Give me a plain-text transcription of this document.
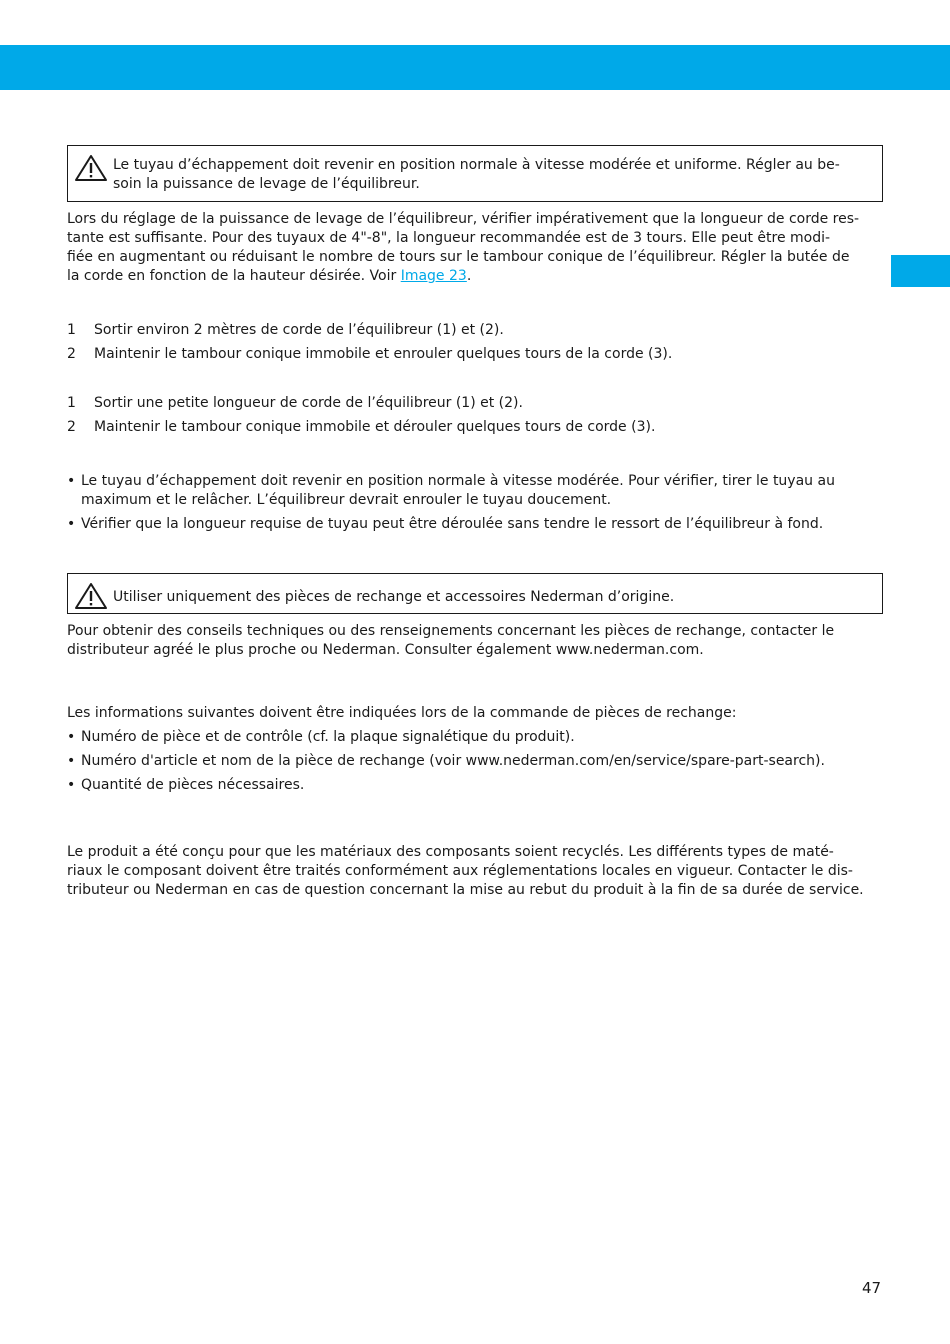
Le tuyau d’échappement doit revenir en position normale à vitesse modérée et uniforme. Régler au be-
soin la puissance de levage de l’équilibreur.

Lors du réglage de la puissance de levage de l’équilibreur, vérifier impérativement que la longueur de corde res-
tante est suffisante. Pour des tuyaux de 4"-8", la longueur recommandée est de 3 tours. Elle peut être modi-
fiée en augmentant ou réduisant le nombre de tours sur le tambour conique de l’équilibreur. Régler la butée de
la corde en fonction de la hauteur désirée. Voir Image 23.

1	Sortir environ 2 mètres de corde de l’équilibreur (1) et (2).
2	Maintenir le tambour conique immobile et enrouler quelques tours de la corde (3).
1	Sortir une petite longueur de corde de l’équilibreur (1) et (2).
2	Maintenir le tambour conique immobile et dérouler quelques tours de corde (3).
• Le tuyau d’échappement doit revenir en position normale à vitesse modérée. Pour vérifier, tirer le tuyau au
maximum et le relâcher. L’équilibreur devrait enrouler le tuyau doucement.
• Vérifier que la longueur requise de tuyau peut être déroulée sans tendre le ressort de l’équilibreur à fond.

Utiliser uniquement des pièces de rechange et accessoires Nederman d’origine.

Pour obtenir des conseils techniques ou des renseignements concernant les pièces de rechange, contacter le
distributeur agréé le plus proche ou Nederman. Consulter également www.nederman.com.

Les informations suivantes doivent être indiquées lors de la commande de pièces de rechange:

• Numéro de pièce et de contrôle (cf. la plaque signalétique du produit).
• Numéro d'article et nom de la pièce de rechange (voir www.nederman.com/en/service/spare-part-search).
• Quantité de pièces nécessaires.

Le produit a été conçu pour que les matériaux des composants soient recyclés. Les différents types de maté-
riaux le composant doivent être traités conformément aux réglementations locales en vigueur. Contacter le dis-
tributeur ou Nederman en cas de question concernant la mise au rebut du produit à la fin de sa durée de service.

47
